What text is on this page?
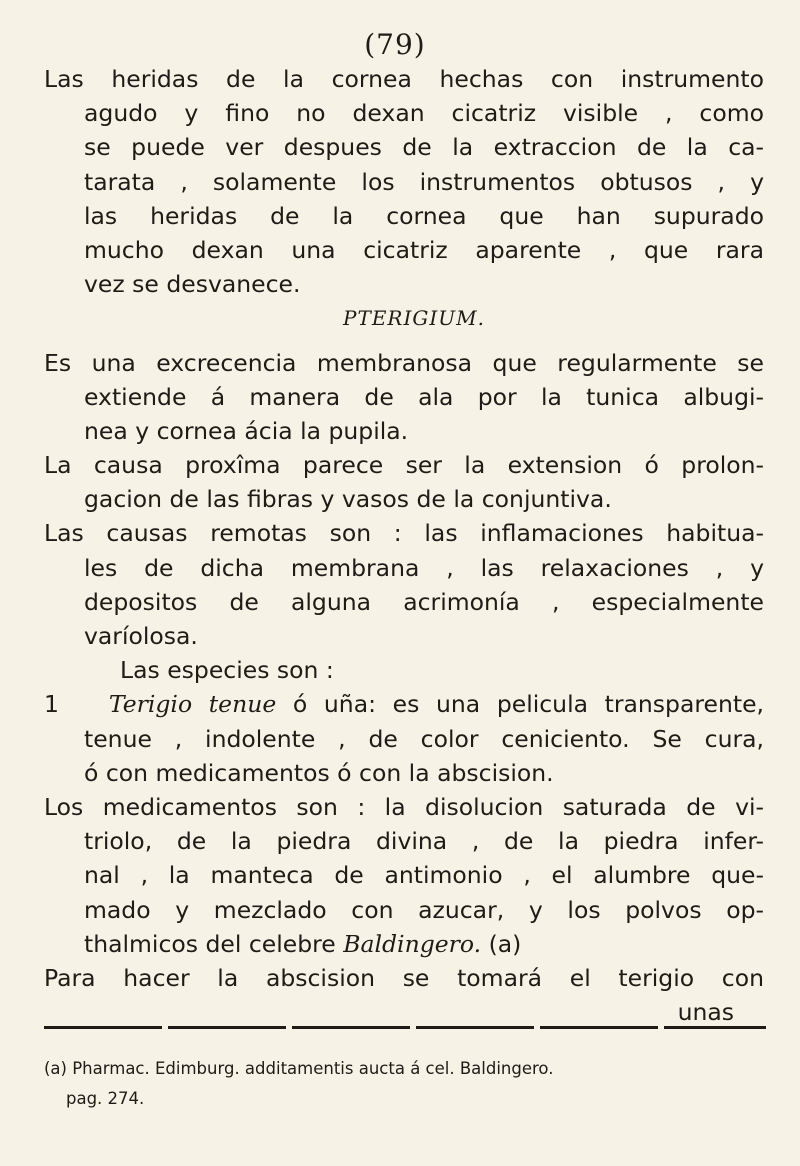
(79)
Las heridas de la cornea hechas con instrumento
agudo y fino no dexan cicatriz visible , como
se puede ver despues de la extraccion de la ca-
tarata , solamente los instrumentos obtusos , y
las heridas de la cornea que han supurado
mucho dexan una cicatriz aparente , que rara
vez se desvanece.
PTERIGIUM.
Es una excrecencia membranosa que regularmente se
extiende á manera de ala por la tunica albugi-
nea y cornea ácia la pupila.
La causa proxîma parece ser la extension ó prolon-
gacion de las fibras y vasos de la conjuntiva.
Las causas remotas son : las inflamaciones habitua-
les de dicha membrana , las relaxaciones , y
depositos de alguna acrimonía , especialmente
varíolosa.
Las especies son :
1 Terigio tenue ó uña: es una pelicula transparente,
tenue , indolente , de color ceniciento. Se cura,
ó con medicamentos ó con la abscision.
Los medicamentos son : la disolucion saturada de vi-
triolo, de la piedra divina , de la piedra infer-
nal , la manteca de antimonio , el alumbre que-
mado y mezclado con azucar, y los polvos op-
thalmicos del celebre Baldingero. (a)
Para hacer la abscision se tomará el terigio con
unas
(a) Pharmac. Edimburg. additamentis aucta á cel. Baldingero.
pag. 274.
